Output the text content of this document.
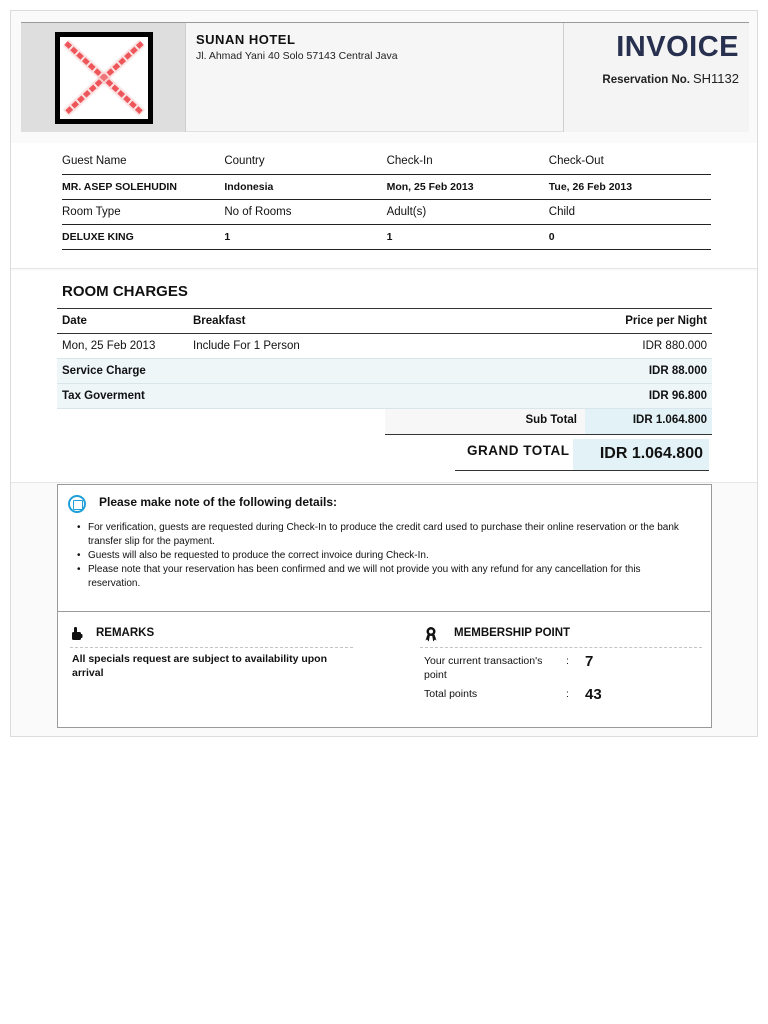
SUNAN HOTEL
Jl. Ahmad Yani 40 Solo 57143 Central Java	INVOICE
Reservation No. SH1132
Guest Name	Country	Check-In	Check-Out
MR. ASEP SOLEHUDIN	Indonesia	Mon, 25 Feb 2013	Tue, 26 Feb 2013
Room Type	No of Rooms	Adult(s)	Child
DELUXE KING	1	1	0
ROOM CHARGES
Date	Breakfast	Price per Night
Mon, 25 Feb 2013	Include For 1 Person	IDR 880.000
Service Charge		IDR 88.000
Tax Goverment		IDR 96.800
Sub Total	IDR 1.064.800
GRAND TOTAL	IDR 1.064.800
Please make note of the following details:
• For verification, guests are requested during Check-In to produce the credit card used to purchase their online reservation or the bank transfer slip for the payment.
• Guests will also be requested to produce the correct invoice during Check-In.
• Please note that your reservation has been confirmed and we will not provide you with any refund for any cancellation for this reservation.
REMARKS
All specials request are subject to availability upon arrival
MEMBERSHIP POINT
Your current transaction's point
: 7
Total points	: 43
